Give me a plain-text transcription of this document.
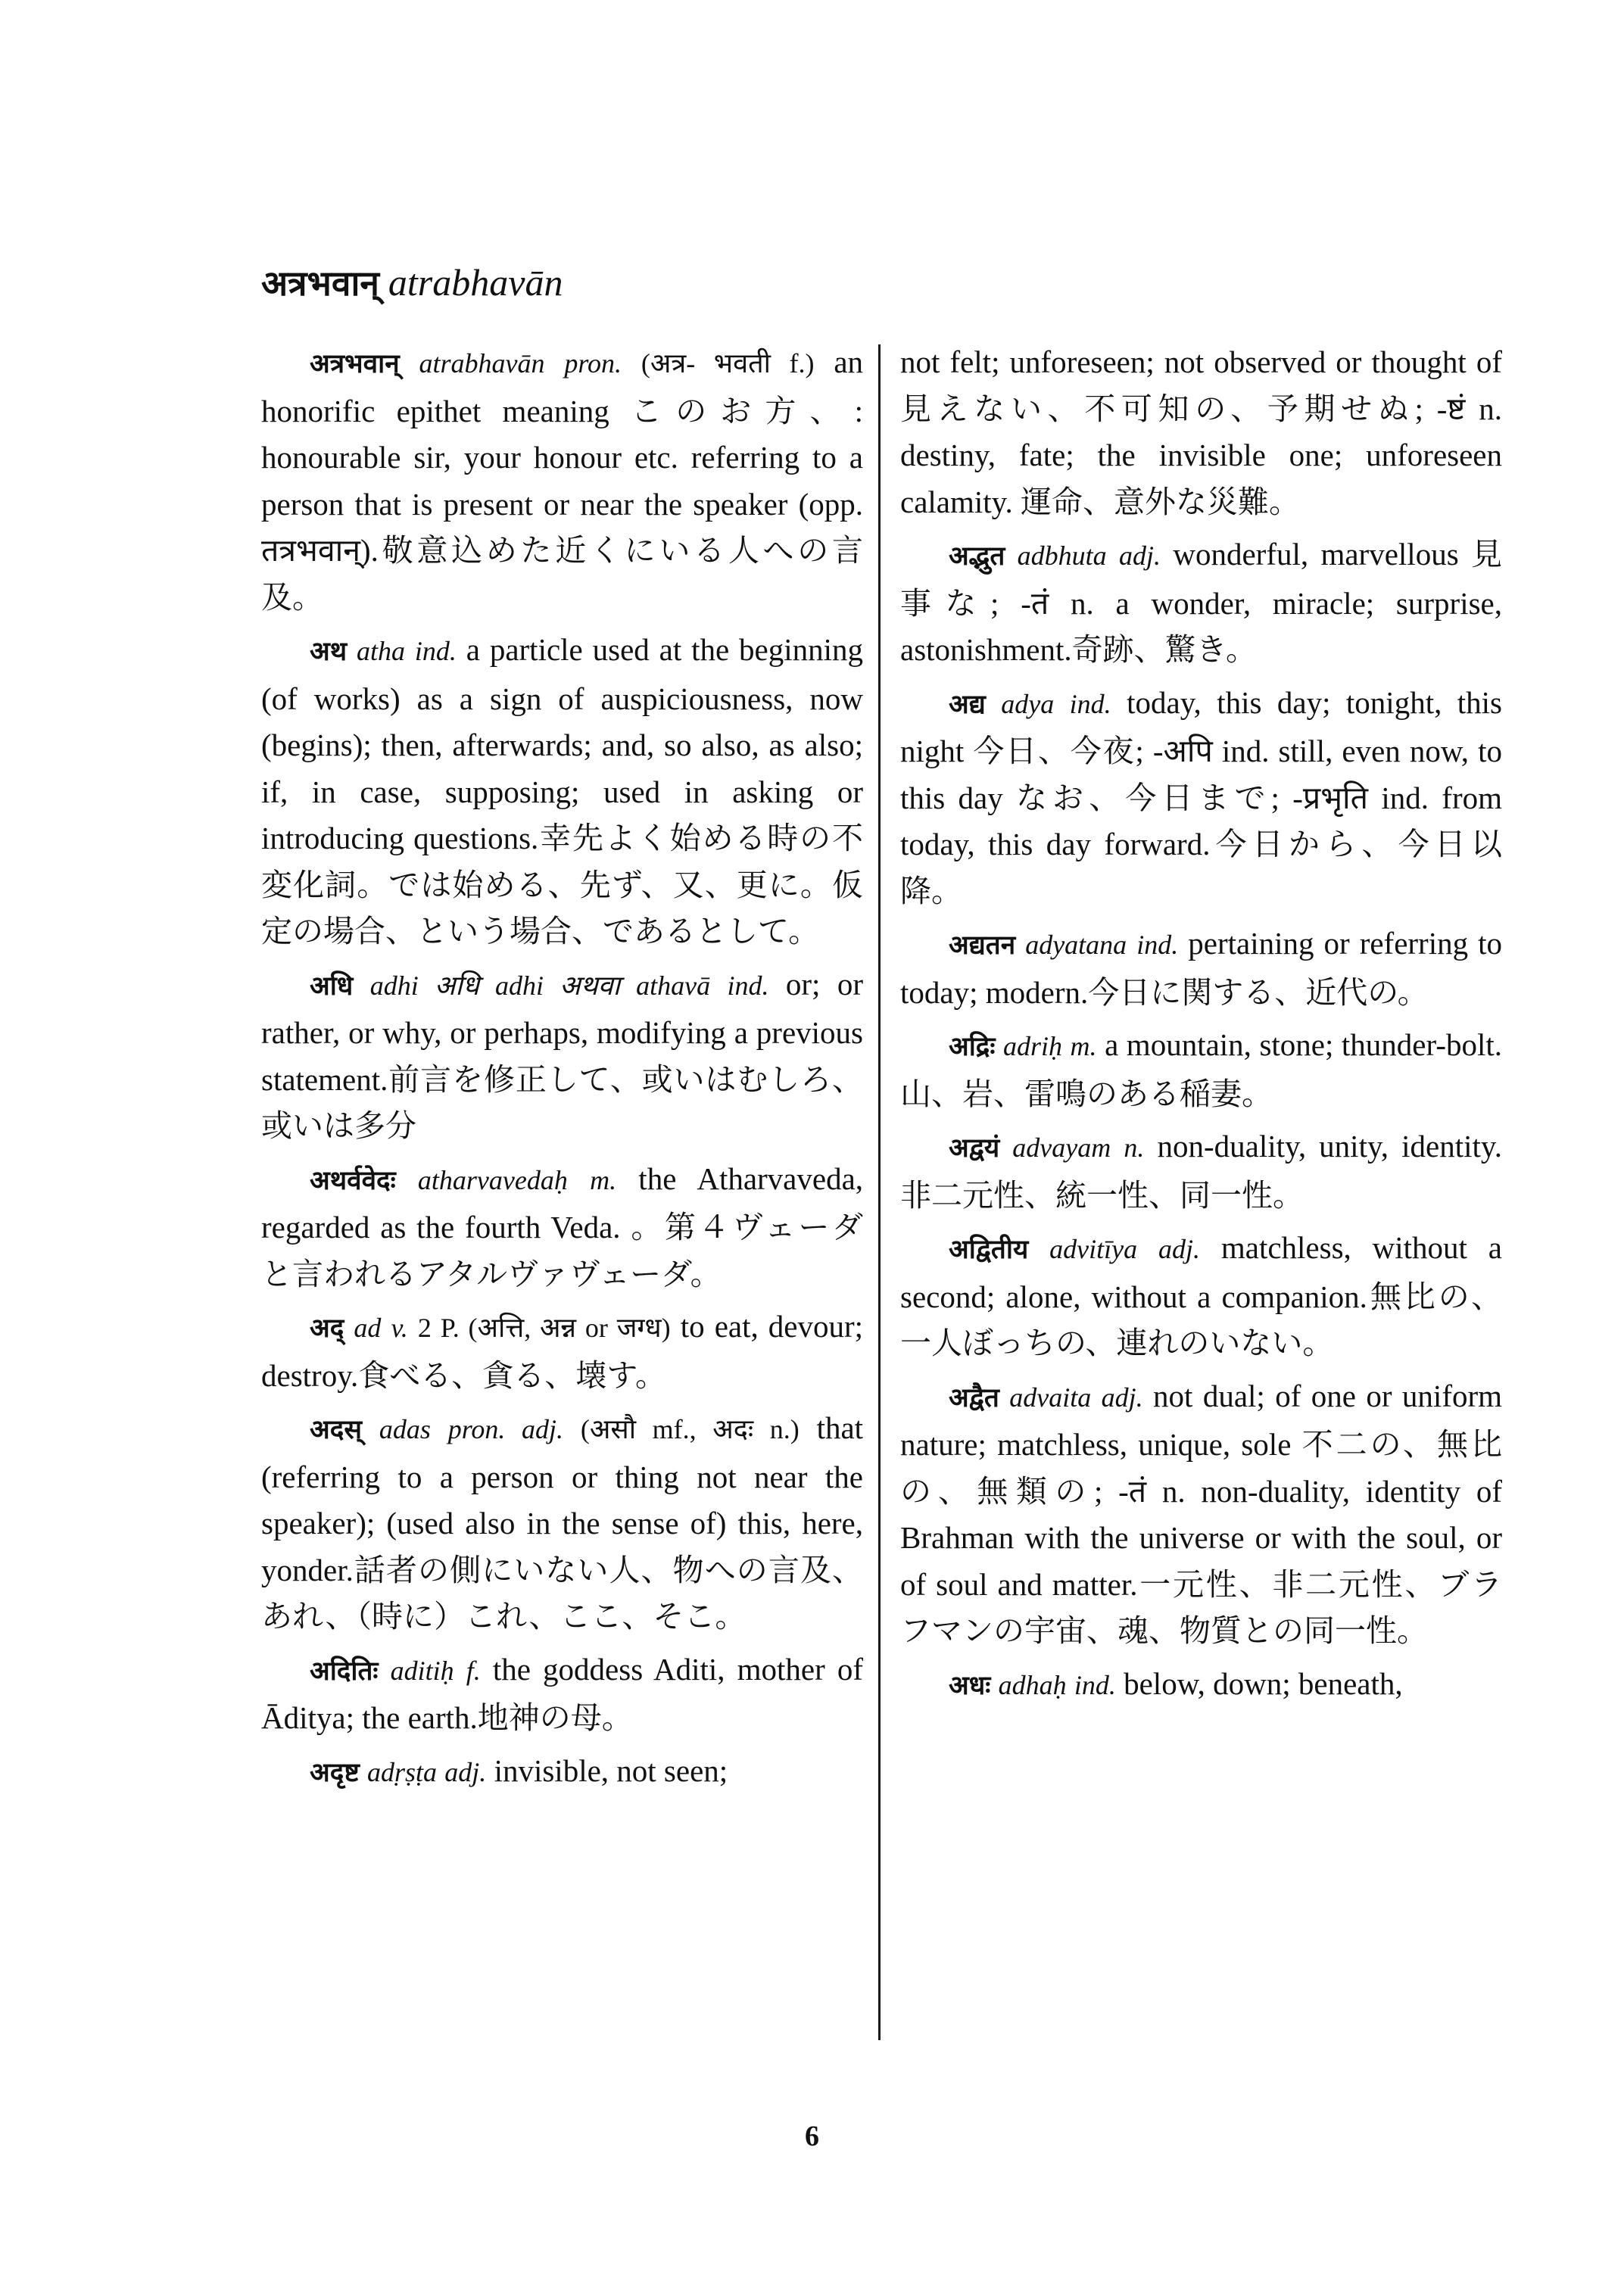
अत्रभवान् atrabhavān

अत्रभवान् atrabhavān pron. (अत्र- भवती f.) an honorific epithet meaning このお方、: honourable sir, your honour etc. referring to a person that is present or near the speaker (opp. तत्रभवान्).敬意込めた近くにいる人への言及。

अथ atha ind. a particle used at the beginning (of works) as a sign of auspiciousness, now (begins); then, afterwards; and, so also, as also; if, in case, supposing; used in asking or introducing questions.幸先よく始める時の不変化詞。では始める、先ず、又、更に。仮定の場合、という場合、であるとして。

अधि adhi अधि adhi अथवा athavā ind. or; or rather, or why, or perhaps, modifying a previous statement.前言を修正して、或いはむしろ、或いは多分

अथर्ववेदः atharvavedaḥ m. the Atharvaveda, regarded as the fourth Veda. 。第４ヴェーダと言われるアタルヴァヴェーダ。

अद् ad v. 2 P. (अत्ति, अन्न or जग्ध) to eat, devour; destroy.食べる、貪る、壊す。

अदस् adas pron. adj. (असौ mf., अदः n.) that (referring to a person or thing not near the speaker); (used also in the sense of) this, here, yonder.話者の側にいない人、物への言及、あれ、（時に）これ、ここ、そこ。

अदितिः aditiḥ f. the goddess Aditi, mother of Āditya; the earth.地神の母。

अदृष्ट adṛṣṭa adj. invisible, not seen;

not felt; unforeseen; not observed or thought of 見えない、不可知の、予期せぬ; -ष्टं n. destiny, fate; the invisible one; unforeseen calamity. 運命、意外な災難。

अद्भुत adbhuta adj. wonderful, marvellous 見事な; -तं n. a wonder, miracle; surprise, astonishment.奇跡、驚き。

अद्य adya ind. today, this day; tonight, this night 今日、今夜; -अपि ind. still, even now, to this day なお、今日まで; -प्रभृति ind. from today, this day forward.今日から、今日以降。

अद्यतन adyatana ind. pertaining or referring to today; modern.今日に関する、近代の。

अद्रिः adriḥ m. a mountain, stone; thunder-bolt.山、岩、雷鳴のある稲妻。

अद्वयं advayam n. non-duality, unity, identity.非二元性、統一性、同一性。

अद्वितीय advitīya adj. matchless, without a second; alone, without a companion.無比の、一人ぼっちの、連れのいない。

अद्वैत advaita adj. not dual; of one or uniform nature; matchless, unique, sole 不二の、無比の、無類の; -तं n. non-duality, identity of Brahman with the universe or with the soul, or of soul and matter.一元性、非二元性、ブラフマンの宇宙、魂、物質との同一性。

अधः adhaḥ ind. below, down; beneath,

6
